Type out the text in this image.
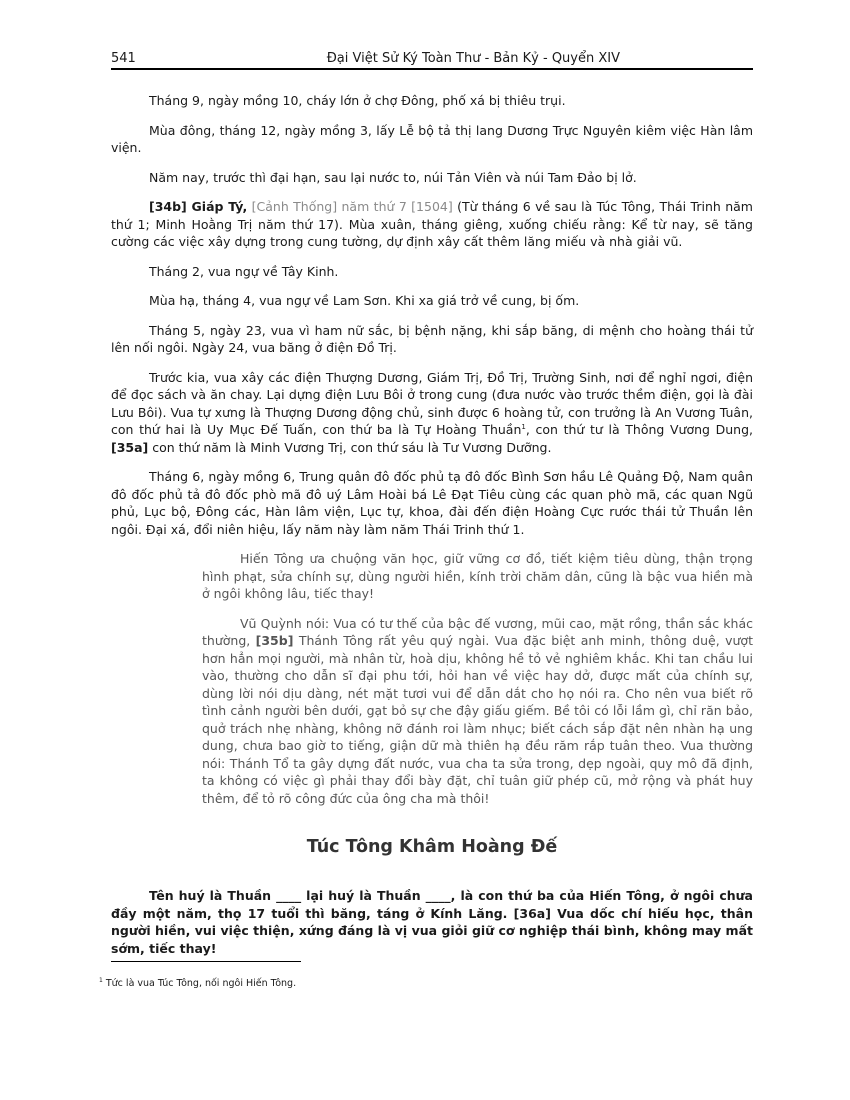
541	Đại Việt Sử Ký Toàn Thư - Bản Kỷ - Quyển XIV

Tháng 9, ngày mồng 10, cháy lớn ở chợ Đông, phố xá bị thiêu trụi.

Mùa đông, tháng 12, ngày mồng 3, lấy Lễ bộ tả thị lang Dương Trực Nguyên kiêm việc Hàn lâm viện.

Năm nay, trước thì đại hạn, sau lại nước to, núi Tản Viên và núi Tam Đảo bị lở.

[34b] Giáp Tý, [Cảnh Thống] năm thứ 7 [1504] (Từ tháng 6 về sau là Túc Tông, Thái Trinh năm thứ 1; Minh Hoằng Trị năm thứ 17). Mùa xuân, tháng giêng, xuống chiếu rằng: Kể từ nay, sẽ tăng cường các việc xây dựng trong cung tường, dự định xây cất thêm lăng miếu và nhà giải vũ.

Tháng 2, vua ngự về Tây Kinh.

Mùa hạ, tháng 4, vua ngự về Lam Sơn. Khi xa giá trở về cung, bị ốm.

Tháng 5, ngày 23, vua vì ham nữ sắc, bị bệnh nặng, khi sắp băng, di mệnh cho hoàng thái tử lên nối ngôi. Ngày 24, vua băng ở điện Đồ Trị.

Trước kia, vua xây các điện Thượng Dương, Giám Trị, Đồ Trị, Trường Sinh, nơi để nghỉ ngơi, điện để đọc sách và ăn chay. Lại dựng điện Lưu Bôi ở trong cung (đưa nước vào trước thềm điện, gọi là đài Lưu Bôi). Vua tự xưng là Thượng Dương động chủ, sinh được 6 hoàng tử, con trưởng là An Vương Tuân, con thứ hai là Uy Mục Đế Tuấn, con thứ ba là Tự Hoàng Thuần$^1$, con thứ tư là Thông Vương Dung, [35a] con thứ năm là Minh Vương Trị, con thứ sáu là Tư Vương Dưỡng.

Tháng 6, ngày mồng 6, Trung quân đô đốc phủ tạ đô đốc Bình Sơn hầu Lê Quảng Độ, Nam quân đô đốc phủ tả đô đốc phò mã đô uý Lâm Hoài bá Lê Đạt Tiêu cùng các quan phò mã, các quan Ngũ phủ, Lục bộ, Đông các, Hàn lâm viện, Lục tự, khoa, đài đến điện Hoàng Cực rước thái tử Thuần lên ngôi. Đại xá, đổi niên hiệu, lấy năm này làm năm Thái Trinh thứ 1.

Hiến Tông ưa chuộng văn học, giữ vững cơ đồ, tiết kiệm tiêu dùng, thận trọng hình phạt, sửa chính sự, dùng người hiền, kính trời chăm dân, cũng là bậc vua hiền mà ở ngôi không lâu, tiếc thay!

Vũ Quỳnh nói: Vua có tư thế của bậc đế vương, mũi cao, mặt rồng, thần sắc khác thường, [35b] Thánh Tông rất yêu quý ngài. Vua đặc biệt anh minh, thông duệ, vượt hơn hẳn mọi người, mà nhân từ, hoà dịu, không hề tỏ vẻ nghiêm khắc. Khi tan chầu lui vào, thường cho dẫn sĩ đại phu tới, hỏi han về việc hay dở, được mất của chính sự, dùng lời nói dịu dàng, nét mặt tươi vui để dẫn dắt cho họ nói ra. Cho nên vua biết rõ tình cảnh người bên dưới, gạt bỏ sự che đậy giấu giếm. Bề tôi có lỗi lầm gì, chỉ răn bảo, quở trách nhẹ nhàng, không nỡ đánh roi làm nhục; biết cách sắp đặt nên nhàn hạ ung dung, chưa bao giờ to tiếng, giận dữ mà thiên hạ đều răm rắp tuân theo. Vua thường nói: Thánh Tổ ta gây dựng đất nước, vua cha ta sửa trong, dẹp ngoài, quy mô đã định, ta không có việc gì phải thay đổi bày đặt, chỉ tuân giữ phép cũ, mở rộng và phát huy thêm, để tỏ rõ công đức của ông cha mà thôi!

Túc Tông Khâm Hoàng Đế

Tên huý là Thuần ____ lại huý là Thuần ____, là con thứ ba của Hiến Tông, ở ngôi chưa đầy một năm, thọ 17 tuổi thì băng, táng ở Kính Lăng. [36a] Vua dốc chí hiếu học, thân người hiền, vui việc thiện, xứng đáng là vị vua giỏi giữ cơ nghiệp thái bình, không may mất sớm, tiếc thay!

$^1$ Tức là vua Túc Tông, nối ngôi Hiến Tông.
